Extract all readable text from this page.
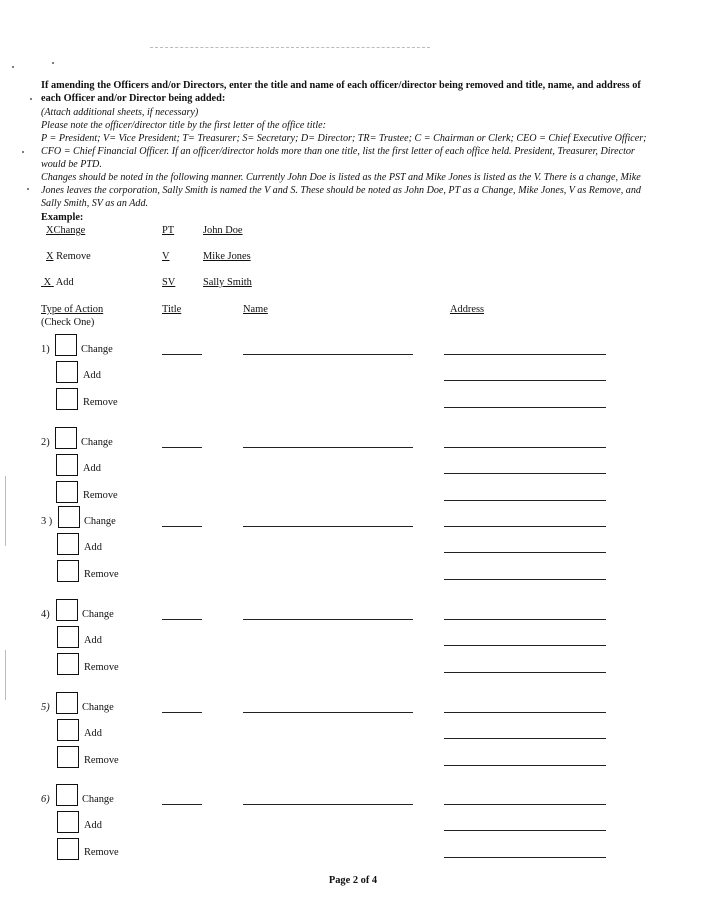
If amending the Officers and/or Directors, enter the title and name of each officer/director being removed and title, name, and address of each Officer and/or Director being added:
(Attach additional sheets, if necessary)
Please note the officer/director title by the first letter of the office title:
P = President; V= Vice President; T= Treasurer; S= Secretary; D= Director; TR= Trustee; C = Chairman or Clerk; CEO = Chief Executive Officer; CFO = Chief Financial Officer. If an officer/director holds more than one title, list the first letter of each office held. President, Treasurer, Director would be PTD.
Changes should be noted in the following manner. Currently John Doe is listed as the PST and Mike Jones is listed as the V. There is a change, Mike Jones leaves the corporation, Sally Smith is named the V and S. These should be noted as John Doe, PT as a Change, Mike Jones, V as Remove, and Sally Smith, SV as an Add.
Example:
XChange	PT	John Doe
X Remove	V	Mike Jones
X Add	SV	Sally Smith
Type of Action
(Check One)
Title	Name	Address
1)	Change
Add
Remove
2)	Change
Add
Remove
3 )	Change
Add
Remove
4)	Change
Add
Remove
5)	Change
Add
Remove
6)	Change
Add
Remove
Page 2 of 4
